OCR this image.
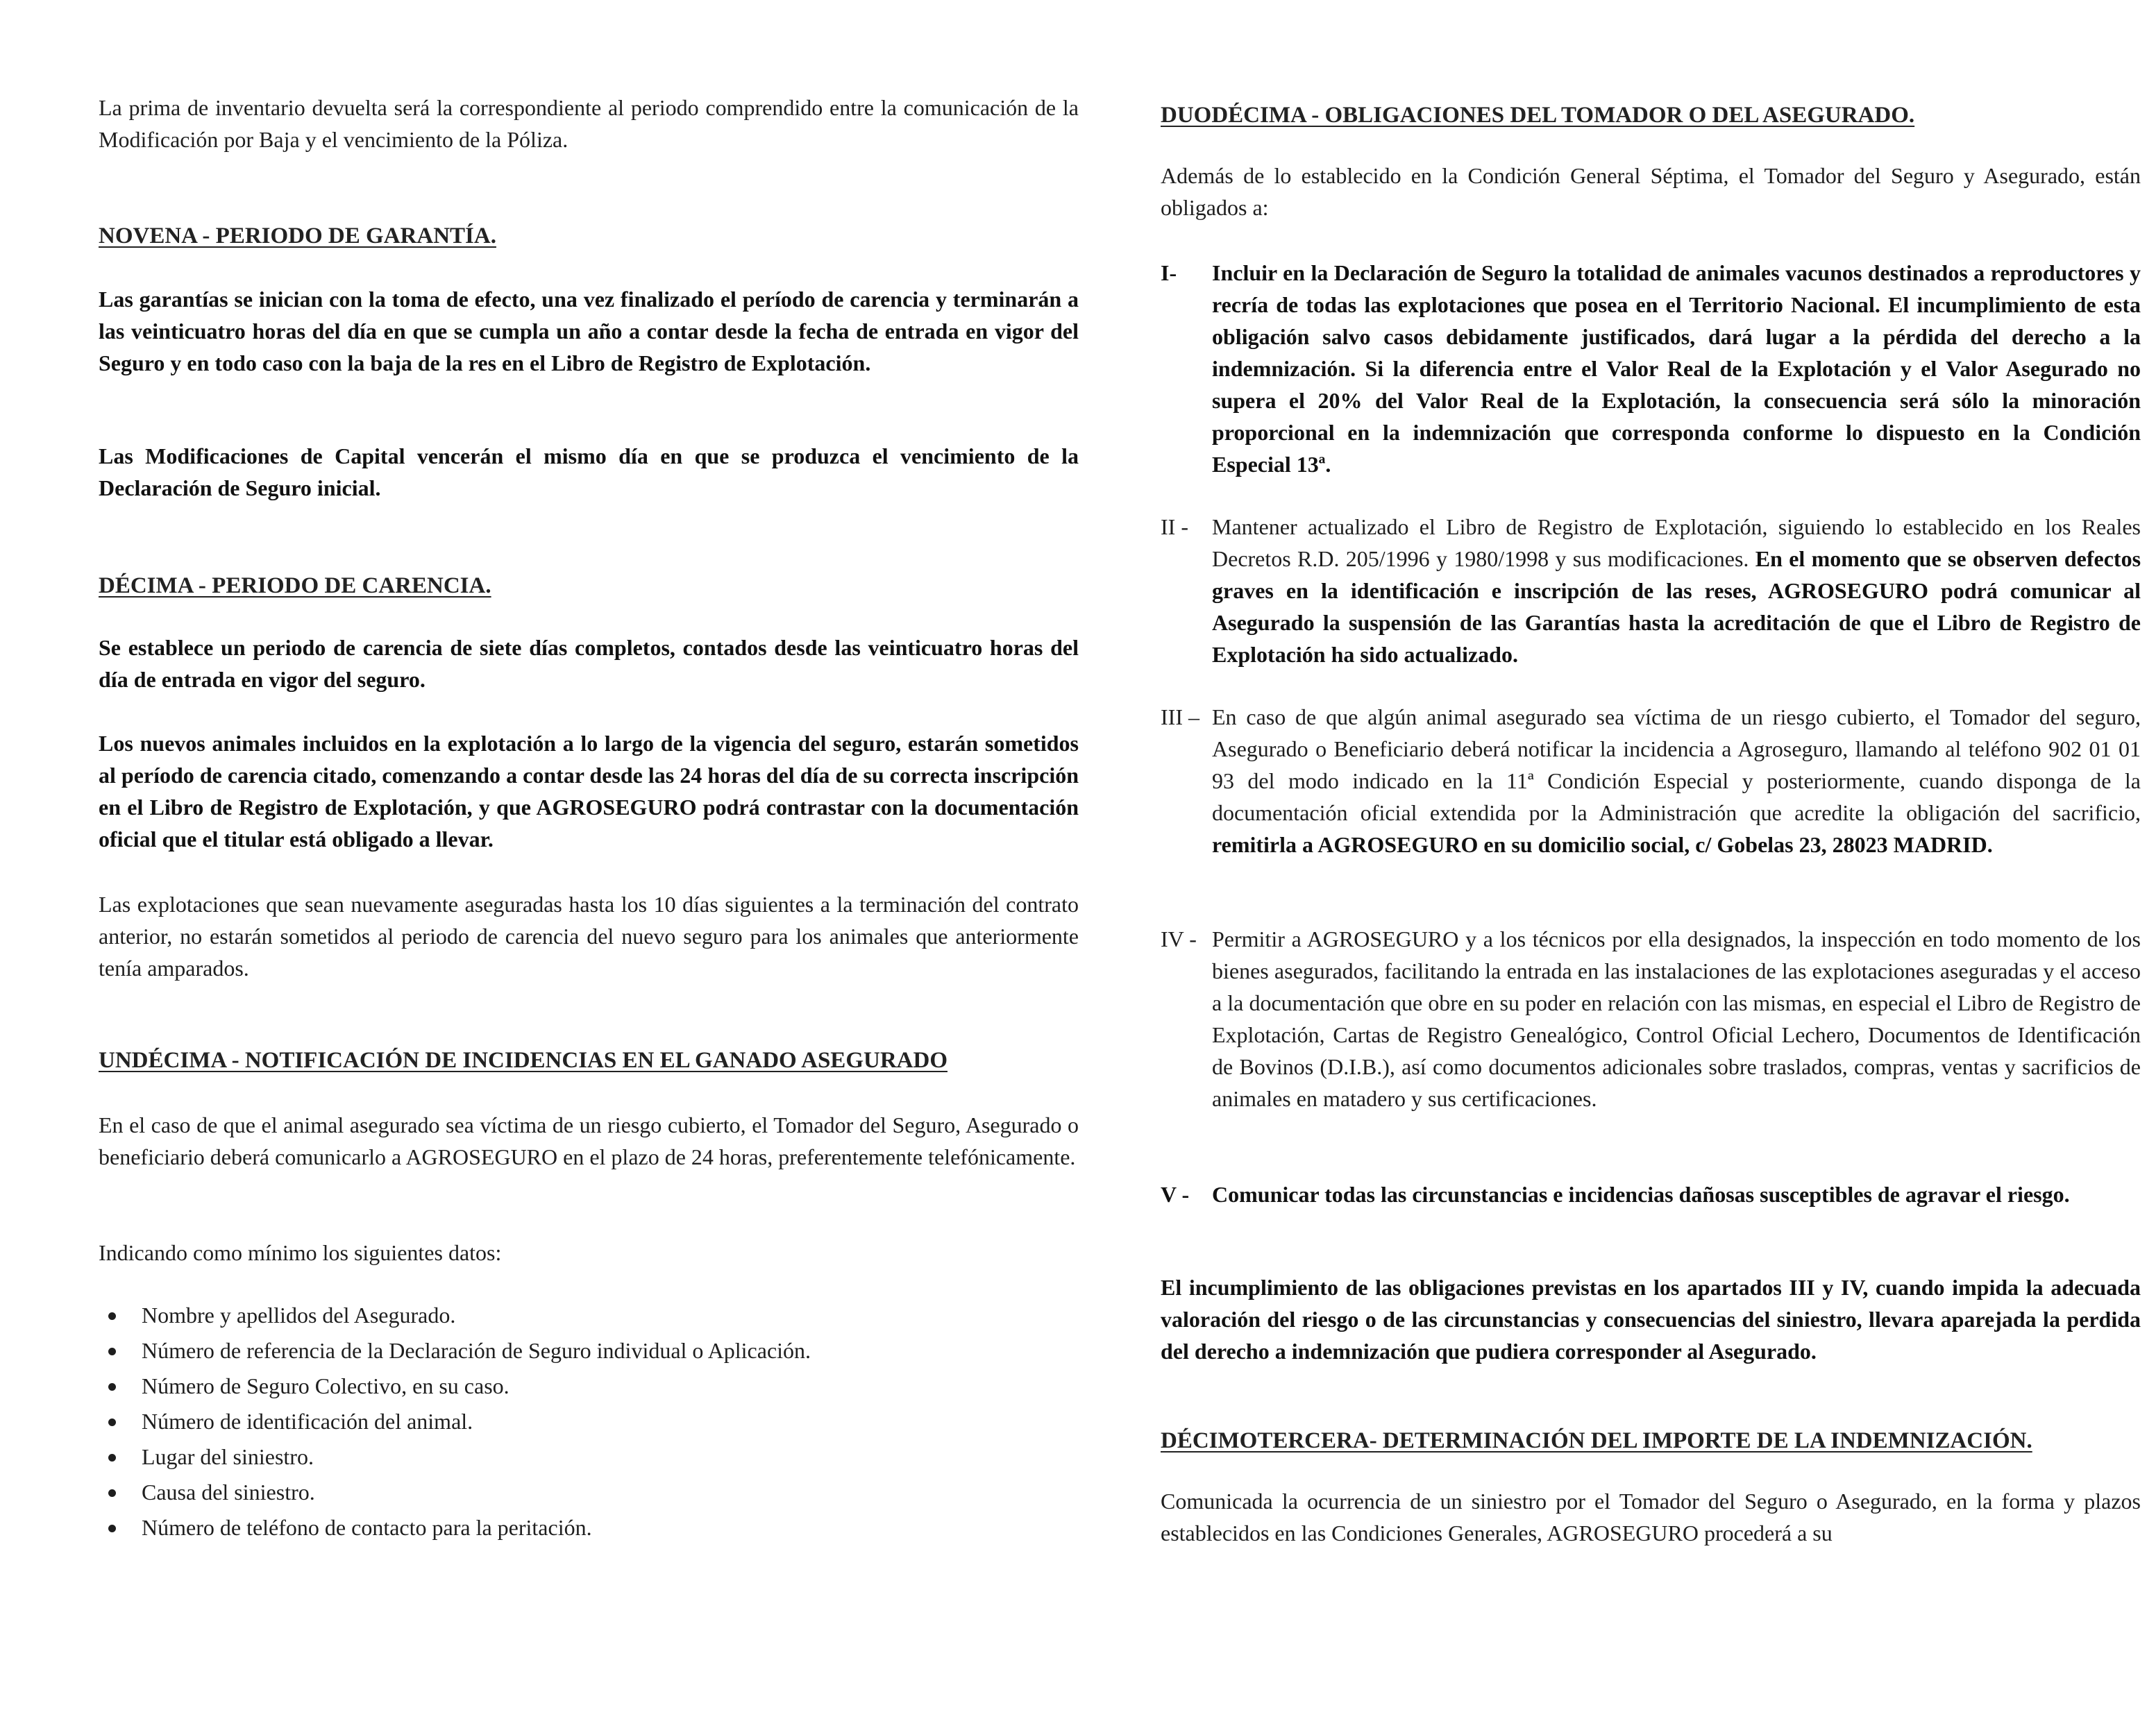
La prima de inventario devuelta será la correspondiente al periodo comprendido entre la comunicación de la Modificación por Baja y el vencimiento de la Póliza.

NOVENA - PERIODO DE GARANTÍA.

Las garantías se inician con la toma de efecto, una vez finalizado el período de carencia y terminarán a las veinticuatro horas del día en que se cumpla un año a contar desde la fecha de entrada en vigor del Seguro y en todo caso con la baja de la res en el Libro de Registro de Explotación.

Las Modificaciones de Capital vencerán el mismo día en que se produzca el vencimiento de la Declaración de Seguro inicial.

DÉCIMA - PERIODO DE CARENCIA.

Se establece un periodo de carencia de siete días completos, contados desde las veinticuatro horas del día de entrada en vigor del seguro.

Los nuevos animales incluidos en la explotación a lo largo de la vigencia del seguro, estarán sometidos al período de carencia citado, comenzando a contar desde las 24 horas del día de su correcta inscripción en el Libro de Registro de Explotación, y que AGROSEGURO podrá contrastar con la documentación oficial que el titular está obligado a llevar.

Las explotaciones que sean nuevamente aseguradas hasta los 10 días siguientes a la terminación del contrato anterior, no estarán sometidos al periodo de carencia del nuevo seguro para los animales que anteriormente tenía amparados.

UNDÉCIMA - NOTIFICACIÓN DE INCIDENCIAS EN EL GANADO ASEGURADO

En el caso de que el animal asegurado sea víctima de un riesgo cubierto, el Tomador del Seguro, Asegurado o beneficiario deberá comunicarlo a AGROSEGURO en el plazo de 24 horas, preferentemente telefónicamente.

Indicando como mínimo los siguientes datos:

Nombre y apellidos del Asegurado.
Número de referencia de la Declaración de Seguro individual o Aplicación.
Número de Seguro Colectivo, en su caso.
Número de identificación del animal.
Lugar del siniestro.
Causa del siniestro.
Número de teléfono de contacto para la peritación.
DUODÉCIMA - OBLIGACIONES DEL TOMADOR O DEL ASEGURADO.

Además de lo establecido en la Condición General Séptima, el Tomador del Seguro y Asegurado, están obligados a:

I- Incluir en la Declaración de Seguro la totalidad de animales vacunos destinados a reproductores y recría de todas las explotaciones que posea en el Territorio Nacional. El incumplimiento de esta obligación salvo casos debidamente justificados, dará lugar a la pérdida del derecho a la indemnización. Si la diferencia entre el Valor Real de la Explotación y el Valor Asegurado no supera el 20% del Valor Real de la Explotación, la consecuencia será sólo la minoración proporcional en la indemnización que corresponda conforme lo dispuesto en la Condición Especial 13ª.
II - Mantener actualizado el Libro de Registro de Explotación, siguiendo lo establecido en los Reales Decretos R.D. 205/1996 y 1980/1998 y sus modificaciones. En el momento que se observen defectos graves en la identificación e inscripción de las reses, AGROSEGURO podrá comunicar al Asegurado la suspensión de las Garantías hasta la acreditación de que el Libro de Registro de Explotación ha sido actualizado.
III – En caso de que algún animal asegurado sea víctima de un riesgo cubierto, el Tomador del seguro, Asegurado o Beneficiario deberá notificar la incidencia a Agroseguro, llamando al teléfono 902 01 01 93 del modo indicado en la 11ª Condición Especial y posteriormente, cuando disponga de la documentación oficial extendida por la Administración que acredite la obligación del sacrificio, remitirla a AGROSEGURO en su domicilio social, c/ Gobelas 23, 28023 MADRID.
IV - Permitir a AGROSEGURO y a los técnicos por ella designados, la inspección en todo momento de los bienes asegurados, facilitando la entrada en las instalaciones de las explotaciones aseguradas y el acceso a la documentación que obre en su poder en relación con las mismas, en especial el Libro de Registro de Explotación, Cartas de Registro Genealógico, Control Oficial Lechero, Documentos de Identificación de Bovinos (D.I.B.), así como documentos adicionales sobre traslados, compras, ventas y sacrificios de animales en matadero y sus certificaciones.
V - Comunicar todas las circunstancias e incidencias dañosas susceptibles de agravar el riesgo.

El incumplimiento de las obligaciones previstas en los apartados III y IV, cuando impida la adecuada valoración del riesgo o de las circunstancias y consecuencias del siniestro, llevara aparejada la perdida del derecho a indemnización que pudiera corresponder al Asegurado.

DÉCIMOTERCERA- DETERMINACIÓN DEL IMPORTE DE LA INDEMNIZACIÓN.

Comunicada la ocurrencia de un siniestro por el Tomador del Seguro o Asegurado, en la forma y plazos establecidos en las Condiciones Generales, AGROSEGURO procederá a su
